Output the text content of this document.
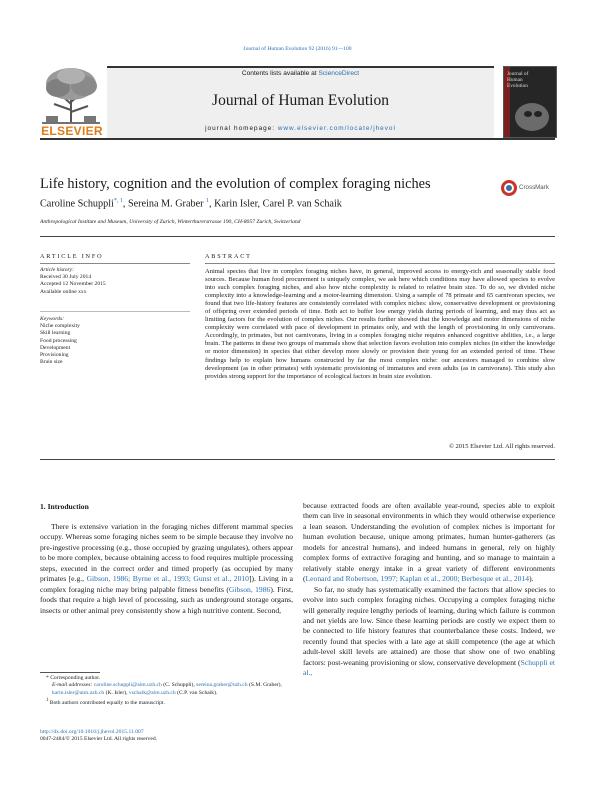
Journal of Human Evolution 92 (2016) 91—100
ELSEVIER
Contents lists available at ScienceDirect
Journal of Human Evolution
journal homepage: www.elsevier.com/locate/jhevol
Journal of
Human
Evolution
Life history, cognition and the evolution of complex foraging niches	CrossMark
Caroline Schuppli$^{*, 1}$, Sereina M. Graber $^1$, Karin Isler, Carel P. van Schaik
Anthropological Institute and Museum, University of Zurich, Winterthurerstrasse 190, CH-8057 Zurich, Switzerland
ARTICLE INFO	ABSTRACT
Article history:
Received 30 July 2014
Accepted 12 November 2015
Available online xxx
Keywords:
Niche complexity
Skill learning
Food processing
Development
Provisioning
Brain size
Animal species that live in complex foraging niches have, in general, improved access to energy-rich and seasonally stable food sources. Because human food procurement is uniquely complex, we ask here which conditions may have allowed species to evolve into such complex foraging niches, and also how niche complexity is related to relative brain size. To do so, we divided niche complexity into a knowledge-learning and a motor-learning dimension. Using a sample of 78 primate and 65 carnivoran species, we found that two life-history features are consistently correlated with complex niches: slow, conservative development or provisioning of offspring over extended periods of time. Both act to buffer low energy yields during periods of learning, and may thus act as limiting factors for the evolution of complex niches. Our results further showed that the knowledge and motor dimensions of niche complexity were correlated with pace of development in primates only, and with the length of provisioning in only carnivorans. Accordingly, in primates, but not carnivorans, living in a complex foraging niche requires enhanced cognitive abilities, i.e., a large brain. The patterns in these two groups of mammals show that selection favors evolution into complex niches (in either the knowledge or motor dimension) in species that either develop more slowly or provision their young for an extended period of time. These findings help to explain how humans constructed by far the most complex niche: our ancestors managed to combine slow development (as in other primates) with systematic provisioning of immatures and even adults (as in carnivorans). This study also provides strong support for the importance of ecological factors in brain size evolution.
© 2015 Elsevier Ltd. All rights reserved.
1. Introduction

There is extensive variation in the foraging niches different mammal species occupy. Whereas some foraging niches seem to be simple because they involve no pre-ingestive processing (e.g., those occupied by grazing ungulates), others appear to be more complex, because obtaining access to food requires multiple processing steps, executed in the correct order and timed properly (as occupied by many primates [e.g., Gibson, 1986; Byrne et al., 1993; Gunst et al., 2010]). Living in a complex foraging niche may bring palpable fitness benefits (Gibson, 1986). First, foods that require a high level of processing, such as underground storage organs, insects or other animal prey consistently show a high nutritive content. Second,

because extracted foods are often available year-round, species able to exploit them can live in seasonal environments in which they would otherwise experience a lean season. Understanding the evolution of complex niches is important for human evolution because, unique among primates, human hunter-gatherers (as models for ancestral humans), and indeed humans in general, rely on highly complex forms of extractive foraging and hunting, and so manage to maintain a relatively stable energy intake in a great variety of different environments (Leonard and Robertson, 1997; Kaplan et al., 2000; Berbesque et al., 2014).

So far, no study has systematically examined the factors that allow species to evolve into such complex foraging niches. Occupying a complex foraging niche will generally require lengthy periods of learning, during which failure is common and net yields are low. Since these learning periods are costly we expect them to be connected to life history features that counterbalance these costs. Indeed, we recently found that species with a late age at skill competence (the age at which adult-level skill levels are attained) are those that show one of two enabling factors: post-weaning provisioning or slow, conservative development (Schuppli et al.,

* Corresponding author.

E-mail addresses: caroline.schuppli@aim.uzh.ch (C. Schuppli), sereina.graber@uzh.ch (S.M. Graber), karin.isler@aim.uzh.ch (K. Isler), vschaik@aim.uzh.ch (C.P. van Schaik).

$^1$ Both authors contributed equally to the manuscript.

http://dx.doi.org/10.1016/j.jhevol.2015.11.007
0047-2484/© 2015 Elsevier Ltd. All rights reserved.
